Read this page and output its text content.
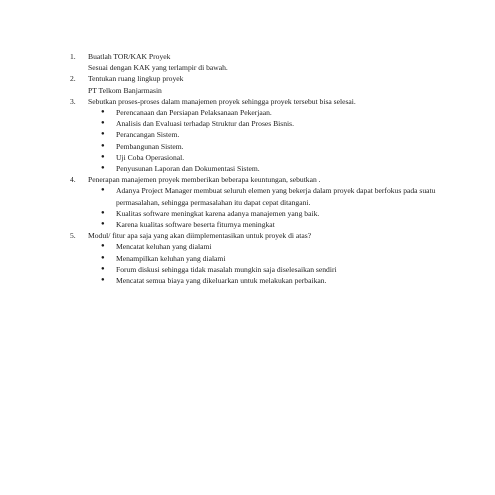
1. Buatlah TOR/KAK Proyek
Sesuai dengan KAK yang terlampir di bawah.
2. Tentukan ruang lingkup proyek
PT Telkom Banjarmasin
3. Sebutkan proses-proses dalam manajemen proyek sehingga proyek tersebut bisa selesai.
● Perencanaan dan Persiapan Pelaksanaan Pekerjaan.
● Analisis dan Evaluasi terhadap Struktur dan Proses Bisnis.
● Perancangan Sistem.
● Pembangunan Sistem.
● Uji Coba Operasional.
● Penyusunan Laporan dan Dokumentasi Sistem.
4. Penerapan manajemen proyek memberikan beberapa keuntungan, sebutkan .
● Adanya Project Manager membuat seluruh elemen yang bekerja dalam proyek dapat berfokus pada suatu permasalahan, sehingga permasalahan itu dapat cepat ditangani.
● Kualitas software meningkat karena adanya manajemen yang baik.
● Karena kualitas software beserta fiturnya meningkat
5. Modul/ fitur apa saja yang akan diimplementasikan untuk proyek di atas?
● Mencatat keluhan yang dialami
● Menampilkan keluhan yang dialami
● Forum diskusi sehingga tidak masalah mungkin saja diselesaikan sendiri
● Mencatat semua biaya yang dikeluarkan untuk melakukan perbaikan.
